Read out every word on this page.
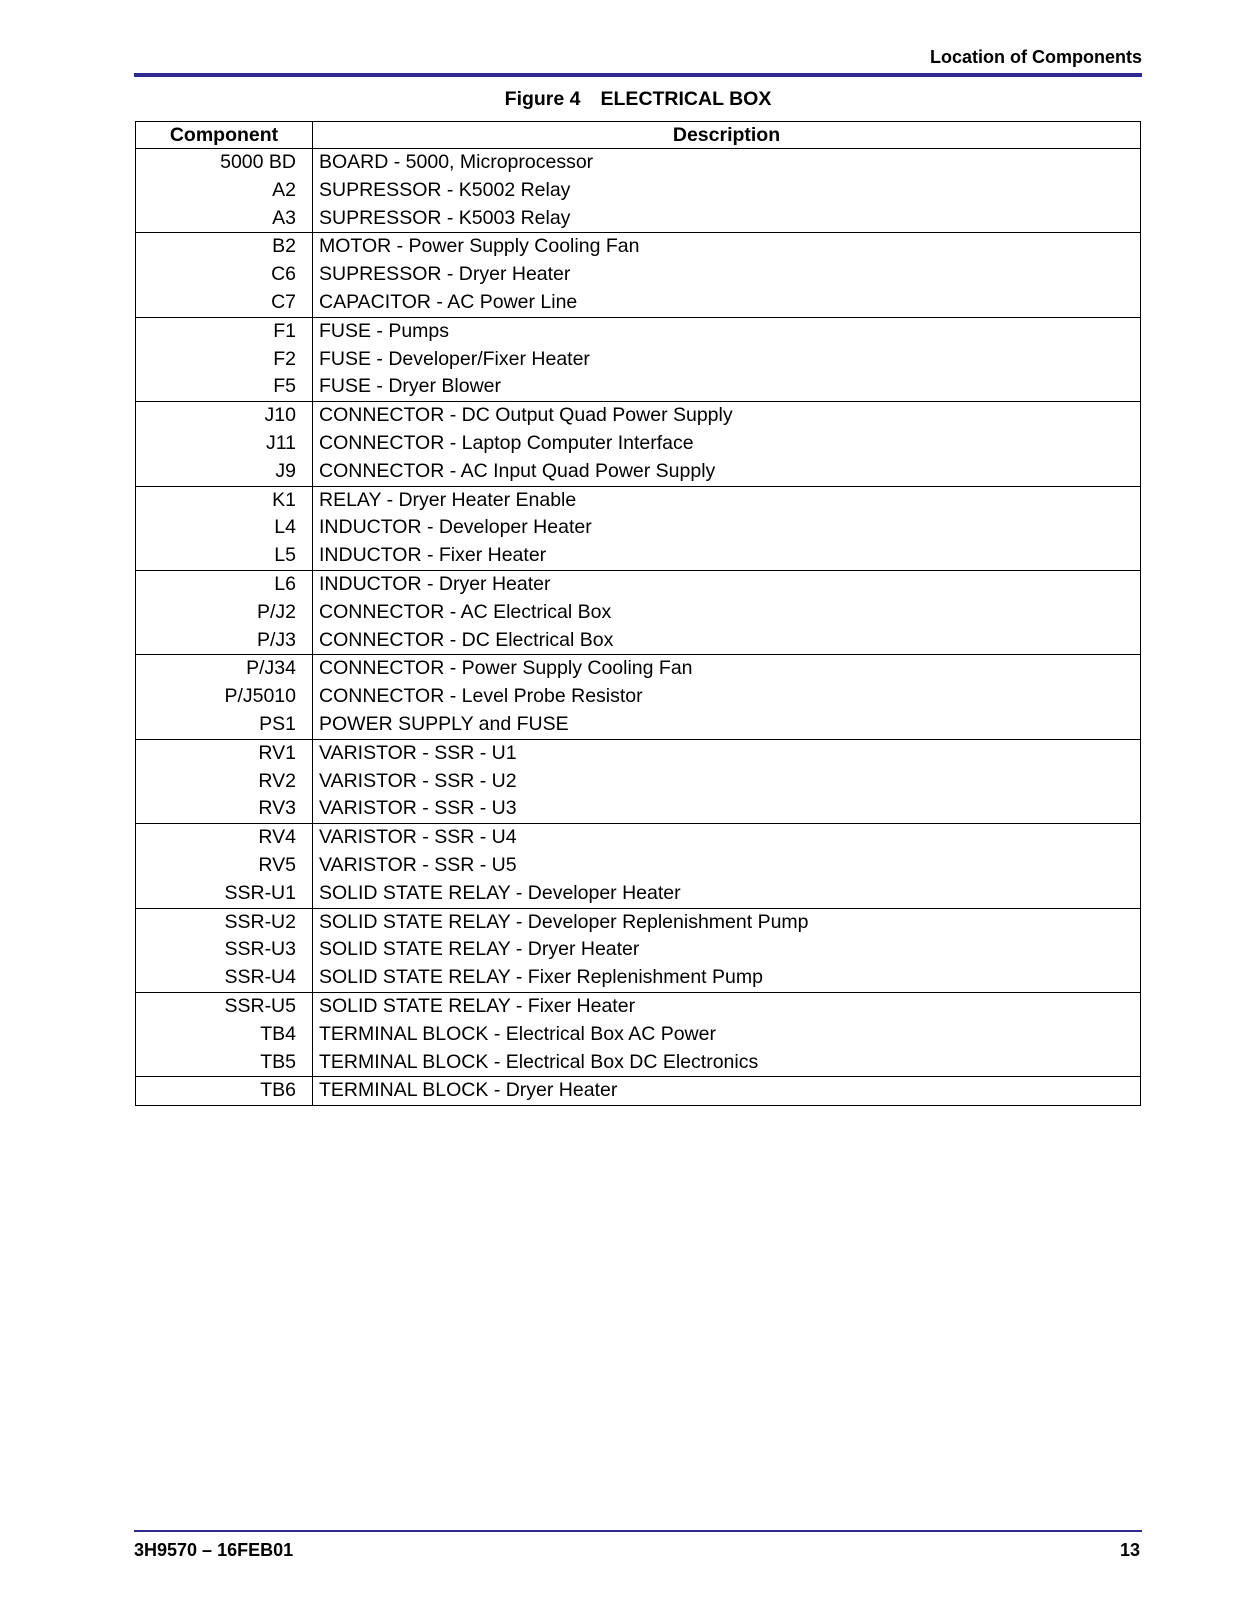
Location of Components
Figure 4 ELECTRICAL BOX
Component	Description
5000 BD	BOARD - 5000, Microprocessor
A2	SUPRESSOR - K5002 Relay
A3	SUPRESSOR - K5003 Relay
B2	MOTOR - Power Supply Cooling Fan
C6	SUPRESSOR - Dryer Heater
C7	CAPACITOR - AC Power Line
F1	FUSE - Pumps
F2	FUSE - Developer/Fixer Heater
F5	FUSE - Dryer Blower
J10	CONNECTOR - DC Output Quad Power Supply
J11	CONNECTOR - Laptop Computer Interface
J9	CONNECTOR - AC Input Quad Power Supply
K1	RELAY - Dryer Heater Enable
L4	INDUCTOR - Developer Heater
L5	INDUCTOR - Fixer Heater
L6	INDUCTOR - Dryer Heater
P/J2	CONNECTOR - AC Electrical Box
P/J3	CONNECTOR - DC Electrical Box
P/J34	CONNECTOR - Power Supply Cooling Fan
P/J5010	CONNECTOR - Level Probe Resistor
PS1	POWER SUPPLY and FUSE
RV1	VARISTOR - SSR - U1
RV2	VARISTOR - SSR - U2
RV3	VARISTOR - SSR - U3
RV4	VARISTOR - SSR - U4
RV5	VARISTOR - SSR - U5
SSR-U1	SOLID STATE RELAY - Developer Heater
SSR-U2	SOLID STATE RELAY - Developer Replenishment Pump
SSR-U3	SOLID STATE RELAY - Dryer Heater
SSR-U4	SOLID STATE RELAY - Fixer Replenishment Pump
SSR-U5	SOLID STATE RELAY - Fixer Heater
TB4	TERMINAL BLOCK - Electrical Box AC Power
TB5	TERMINAL BLOCK - Electrical Box DC Electronics
TB6	TERMINAL BLOCK - Dryer Heater
3H9570 – 16FEB01	13
